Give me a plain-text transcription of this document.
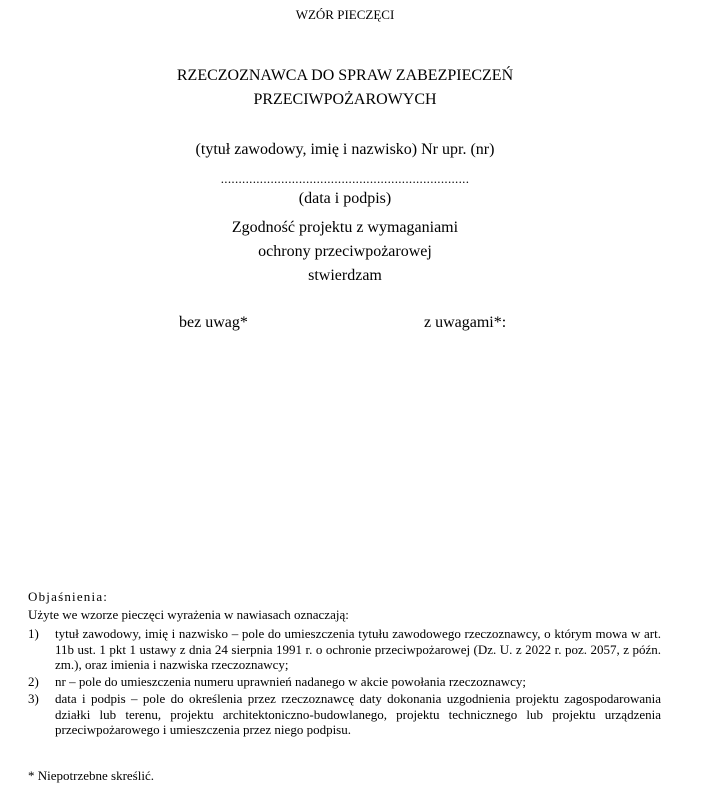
WZÓR PIECZĘCI
RZECZOZNAWCA DO SPRAW ZABEZPIECZEŃ
PRZECIWPOŻAROWYCH
(tytuł zawodowy, imię i nazwisko) Nr upr. (nr)
......................................................................
(data i podpis)
Zgodność projektu z wymaganiami
ochrony przeciwpożarowej
stwierdzam
bez uwag*	z uwagami*:
Objaśnienia:
Użyte we wzorze pieczęci wyrażenia w nawiasach oznaczają:
1) tytuł zawodowy, imię i nazwisko – pole do umieszczenia tytułu zawodowego rzeczoznawcy, o którym mowa w art. 11b ust. 1 pkt 1 ustawy z dnia 24 sierpnia 1991 r. o ochronie przeciwpożarowej (Dz. U. z 2022 r. poz. 2057, z późn. zm.), oraz imienia i nazwiska rzeczoznawcy;
2) nr – pole do umieszczenia numeru uprawnień nadanego w akcie powołania rzeczoznawcy;
3) data i podpis – pole do określenia przez rzeczoznawcę daty dokonania uzgodnienia projektu zagospodarowania działki lub terenu, projektu architektoniczno-budowlanego, projektu technicznego lub projektu urządzenia przeciwpożarowego i umieszczenia przez niego podpisu.
* Niepotrzebne skreślić.
